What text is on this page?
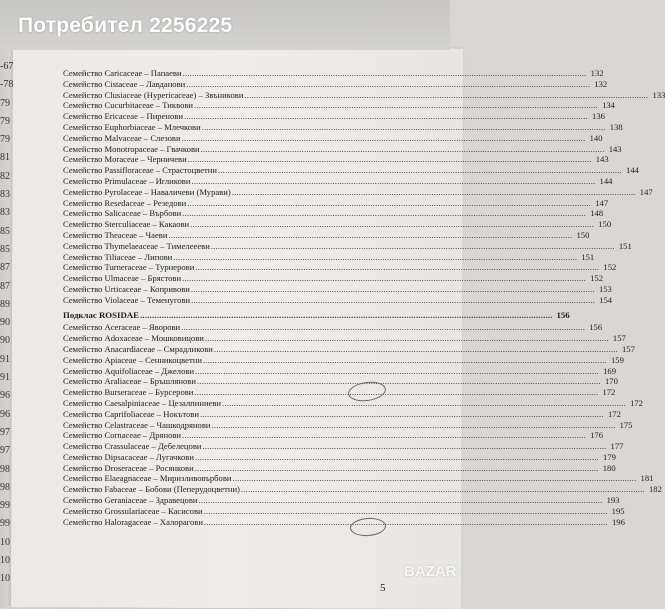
-67
-78
79
79
79
81
82
83
83
85
85
87
87
89
90
90
91
91
96
96
97
97
98
98
99
99
10
10
10
Семейство Caricaceae – Папаеви .....	132
Семейство Cistaceae – Лавданови .....	132
Семейство Clusiaceae (Hypericaceae) – Звъникови .....	133
Семейство Cucurbitaceae – Тиквови .....	134
Семейство Ericaceae – Пиренови .....	136
Семейство Euphorbiaceae – Млечкови .....	138
Семейство Malvaceae – Слезови .....	140
Семейство Monotropaceae – Гвачкови .....	143
Семейство Moraceae – Черничеви .....	143
Семейство Passifloraceae – Страстоцветни .....	144
Семейство Primulaceae – Игликови .....	144
Семейство Pyrolaceae – Наваличеви (Мурави) .....	147
Семейство Resedaceae – Резедови .....	147
Семейство Salicaceae – Върбови .....	148
Семейство Sterculiaceae – Какаови .....	150
Семейство Theaceae – Чаеви .....	150
Семейство Thymelaeaceae – Тимелеееви .....	151
Семейство Tiliaceae – Липови .....	151
Семейство Turneraceae – Турнерови .....	152
Семейство Ulmaceae – Брястови .....	152
Семейство Urticaceae – Копривови .....	153
Семейство Violaceae – Теменугови .....	154
Подклас ROSIDAE .....	156
Семейство Aceraceae – Яворови .....	156
Семейство Adoxaceae – Мошковицови .....	157
Семейство Anacardiaceae – Смрадликови .....	157
Семейство Apiaceae – Сенникоцветни .....	159
Семейство Aquifoliaceae – Джелови .....	169
Семейство Araliaceae – Бръшлянови .....	170
Семейство Burseraceae – Бурсерови .....	172
Семейство Caesalpiniaceae – Цезалпиниеви .....	172
Семейство Caprifoliaceae – Нокътови .....	172
Семейство Celastraceae – Чашкодрянови .....	175
Семейство Cornaceae – Дрянови .....	176
Семейство Crassulaceae – Дебелецови .....	177
Семейство Dipsacaceae – Лугачкови .....	179
Семейство Droseraceae – Росянкови .....	180
Семейство Elaeagnaceae – Миризливовърбови .....	181
Семейство Fabaceae – Бобови (Пеперудоцветни) .....	182
Семейство Geraniaceae – Здравецови .....	193
Семейство Grossulariaceae – Касисови .....	195
Семейство Haloragaceae – Халорагови .....	196
5
Потребител 2256225
BAZAR
